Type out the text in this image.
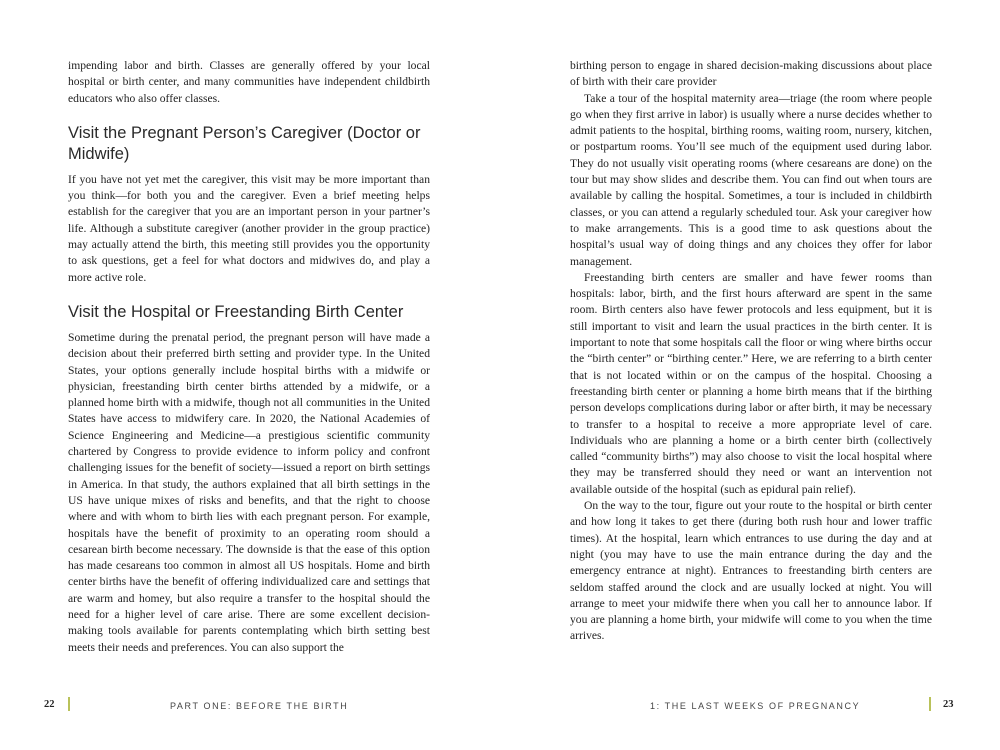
impending labor and birth. Classes are generally offered by your local hospital or birth center, and many communities have independent childbirth educators who also offer classes.

Visit the Pregnant Person’s Caregiver (Doctor or Midwife)

If you have not yet met the caregiver, this visit may be more important than you think—for both you and the caregiver. Even a brief meeting helps establish for the caregiver that you are an important person in your partner’s life. Although a substitute caregiver (another provider in the group practice) may actually attend the birth, this meeting still provides you the opportunity to ask questions, get a feel for what doctors and midwives do, and play a more active role.

Visit the Hospital or Freestanding Birth Center

Sometime during the prenatal period, the pregnant person will have made a decision about their preferred birth setting and provider type. In the United States, your options generally include hospital births with a midwife or physician, freestanding birth center births attended by a midwife, or a planned home birth with a midwife, though not all communities in the United States have access to midwifery care. In 2020, the National Academies of Science Engineering and Medicine—a prestigious scientific community chartered by Congress to provide evidence to inform policy and confront challenging issues for the benefit of society—issued a report on birth settings in America. In that study, the authors explained that all birth settings in the US have unique mixes of risks and benefits, and that the right to choose where and with whom to birth lies with each pregnant person. For example, hospitals have the benefit of proximity to an operating room should a cesarean birth become necessary. The downside is that the ease of this option has made cesareans too common in almost all US hospitals. Home and birth center births have the benefit of offering individualized care and settings that are warm and homey, but also require a transfer to the hospital should the need for a higher level of care arise. There are some excellent decision-making tools available for parents contemplating which birth setting best meets their needs and preferences. You can also support the

22	PART ONE: BEFORE THE BIRTH

birthing person to engage in shared decision-making discussions about place of birth with their care provider

Take a tour of the hospital maternity area—triage (the room where people go when they first arrive in labor) is usually where a nurse decides whether to admit patients to the hospital, birthing rooms, waiting room, nursery, kitchen, or postpartum rooms. You’ll see much of the equipment used during labor. They do not usually visit operating rooms (where cesareans are done) on the tour but may show slides and describe them. You can find out when tours are available by calling the hospital. Sometimes, a tour is included in childbirth classes, or you can attend a regularly scheduled tour. Ask your caregiver how to make arrangements. This is a good time to ask questions about the hospital’s usual way of doing things and any choices they offer for labor management.

Freestanding birth centers are smaller and have fewer rooms than hospitals: labor, birth, and the first hours afterward are spent in the same room. Birth centers also have fewer protocols and less equipment, but it is still important to visit and learn the usual practices in the birth center. It is important to note that some hospitals call the floor or wing where births occur the “birth center” or “birthing center.” Here, we are referring to a birth center that is not located within or on the campus of the hospital. Choosing a freestanding birth center or planning a home birth means that if the birthing person develops complications during labor or after birth, it may be necessary to transfer to a hospital to receive a more appropriate level of care. Individuals who are planning a home or a birth center birth (collectively called “community births”) may also choose to visit the local hospital where they may be transferred should they need or want an intervention not available outside of the hospital (such as epidural pain relief).

On the way to the tour, figure out your route to the hospital or birth center and how long it takes to get there (during both rush hour and lower traffic times). At the hospital, learn which entrances to use during the day and at night (you may have to use the main entrance during the day and the emergency entrance at night). Entrances to freestanding birth centers are seldom staffed around the clock and are usually locked at night. You will arrange to meet your midwife there when you call her to announce labor. If you are planning a home birth, your midwife will come to you when the time arrives.

1: THE LAST WEEKS OF PREGNANCY	23
